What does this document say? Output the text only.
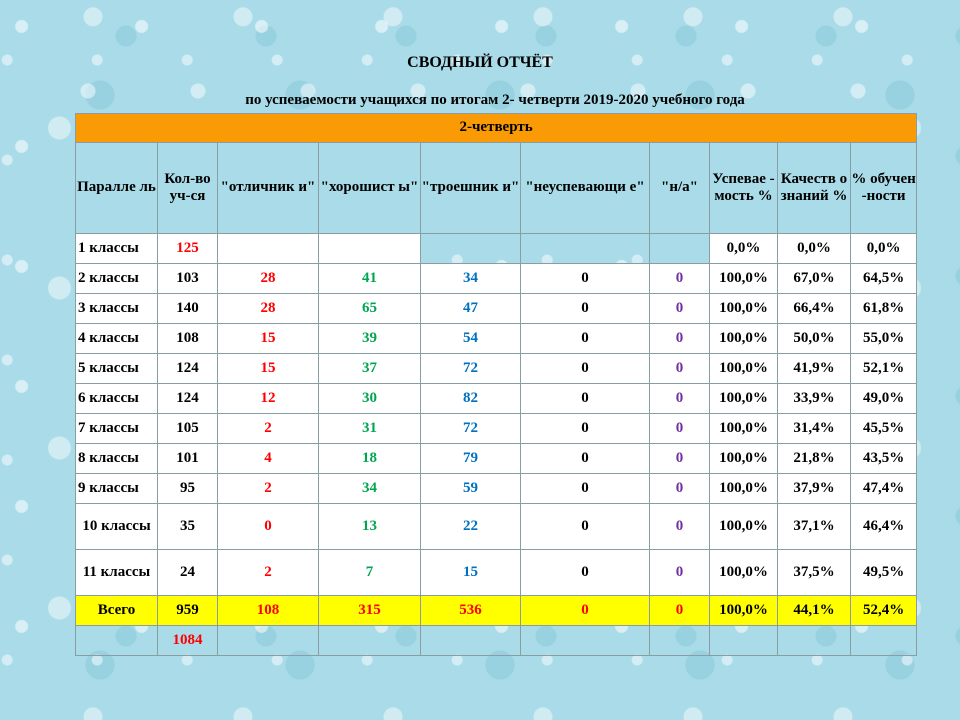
СВОДНЫЙ ОТЧЁТ
по успеваемости учащихся по итогам 2- четверти 2019-2020 учебного года
2-четверть									
Паралле ль	Кол-во уч-ся	"отличник и"	"хорошист ы"	"троешник и"	"неуспевающи е"	"н/а"	Успевае - мость %	Качеств о знаний %	% обучен -ности
1 классы	125						0,0%	0,0%	0,0%
2 классы	103	28	41	34	0	0	100,0%	67,0%	64,5%
3 классы	140	28	65	47	0	0	100,0%	66,4%	61,8%
4 классы	108	15	39	54	0	0	100,0%	50,0%	55,0%
5 классы	124	15	37	72	0	0	100,0%	41,9%	52,1%
6 классы	124	12	30	82	0	0	100,0%	33,9%	49,0%
7 классы	105	2	31	72	0	0	100,0%	31,4%	45,5%
8 классы	101	4	18	79	0	0	100,0%	21,8%	43,5%
9 классы	95	2	34	59	0	0	100,0%	37,9%	47,4%
10 классы	35	0	13	22	0	0	100,0%	37,1%	46,4%
11 классы	24	2	7	15	0	0	100,0%	37,5%	49,5%
Всего	959	108	315	536	0	0	100,0%	44,1%	52,4%
	1084								
